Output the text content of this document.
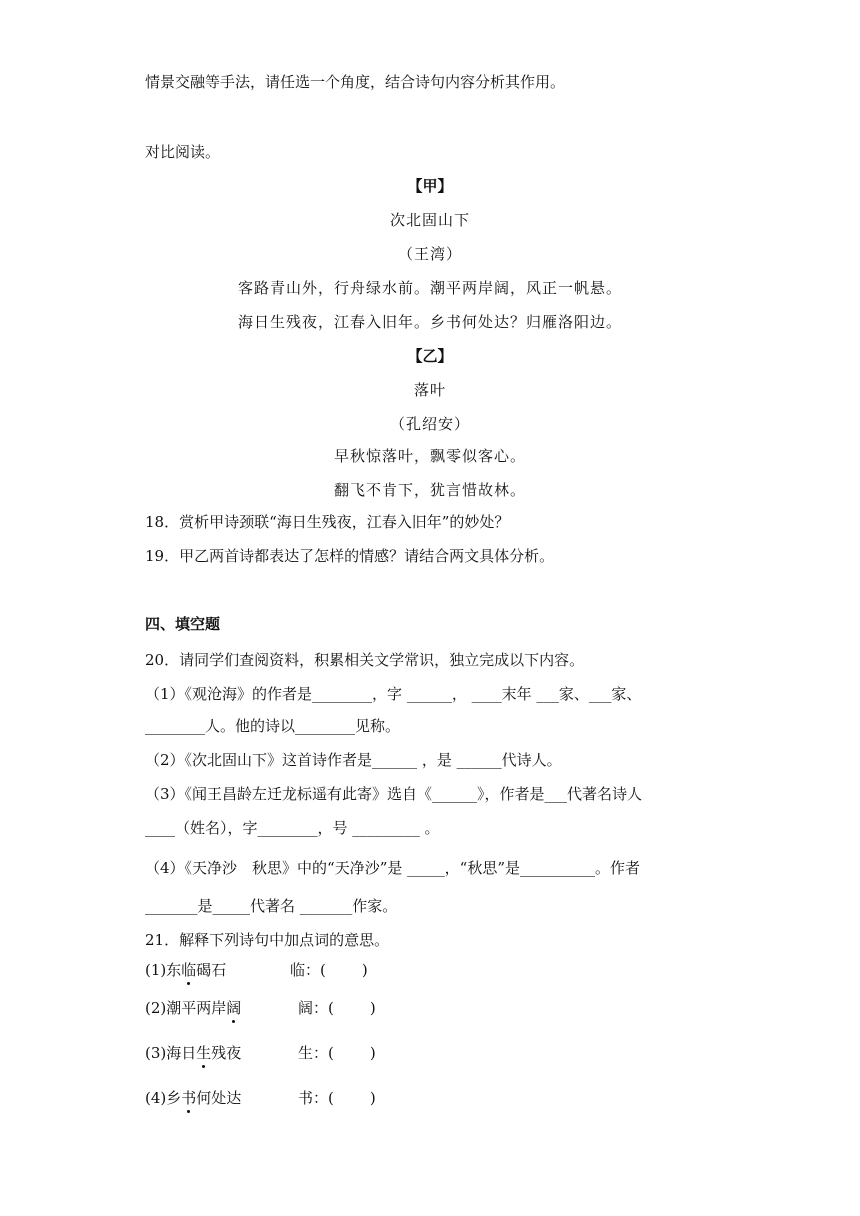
情景交融等手法，请任选一个角度，结合诗句内容分析其作用。
对比阅读。
【甲】
次北固山下
（王湾）
客路青山外，行舟绿水前。潮平两岸阔，风正一帆悬。
海日生残夜，江春入旧年。乡书何处达？归雁洛阳边。
【乙】
落叶
（孔绍安）
早秋惊落叶，飘零似客心。
翻飞不肯下，犹言惜故林。
18．赏析甲诗颈联“海日生残夜，江春入旧年”的妙处？
19．甲乙两首诗都表达了怎样的情感？请结合两文具体分析。
四、填空题
20．请同学们查阅资料，积累相关文学常识，独立完成以下内容。
（1）《观沧海》的作者是________，字 ______， ____末年 ___家、___家、
________人。他的诗以________见称。
（2）《次北固山下》这首诗作者是______ ，是 ______代诗人。
（3）《闻王昌龄左迁龙标遥有此寄》选自《______》，作者是___代著名诗人
____（姓名），字________，号 _________ 。
（4）《天净沙　秋思》中的“天净沙”是 _____，“秋思”是__________。作者
_______是_____代著名 _______作家。
21．解释下列诗句中加点词的意思。
(1)东临碣石	临：( )
(2)潮平两岸阔	阔：( )
(3)海日生残夜	生：( )
(4)乡书何处达	书：( )
